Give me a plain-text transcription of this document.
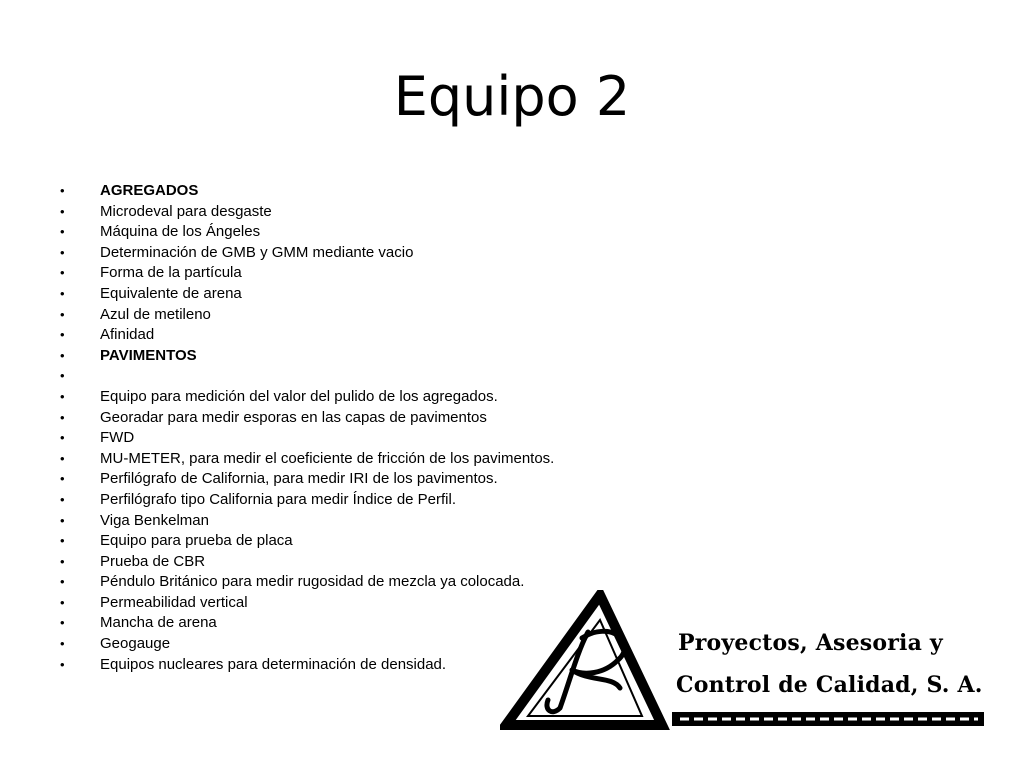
Equipo 2
• AGREGADOS
• Microdeval para desgaste
• Máquina de los Ángeles
• Determinación de GMB y GMM mediante vacio
• Forma de la partícula
• Equivalente de arena
• Azul de metileno
• Afinidad
• PAVIMENTOS
•
• Equipo para medición del valor del pulido de los agregados.
• Georadar para medir esporas en las capas de pavimentos
• FWD
• MU-METER, para medir el coeficiente de fricción de los pavimentos.
• Perfilógrafo de California, para medir IRI de los pavimentos.
• Perfilógrafo tipo California para medir Índice de Perfil.
• Viga Benkelman
• Equipo para prueba de placa
• Prueba de CBR
• Péndulo Británico para medir rugosidad de mezcla ya colocada.
• Permeabilidad vertical
• Mancha de arena
• Geogauge
• Equipos nucleares para determinación de densidad.
Proyectos, Asesoria y
Control de Calidad, S. A.
